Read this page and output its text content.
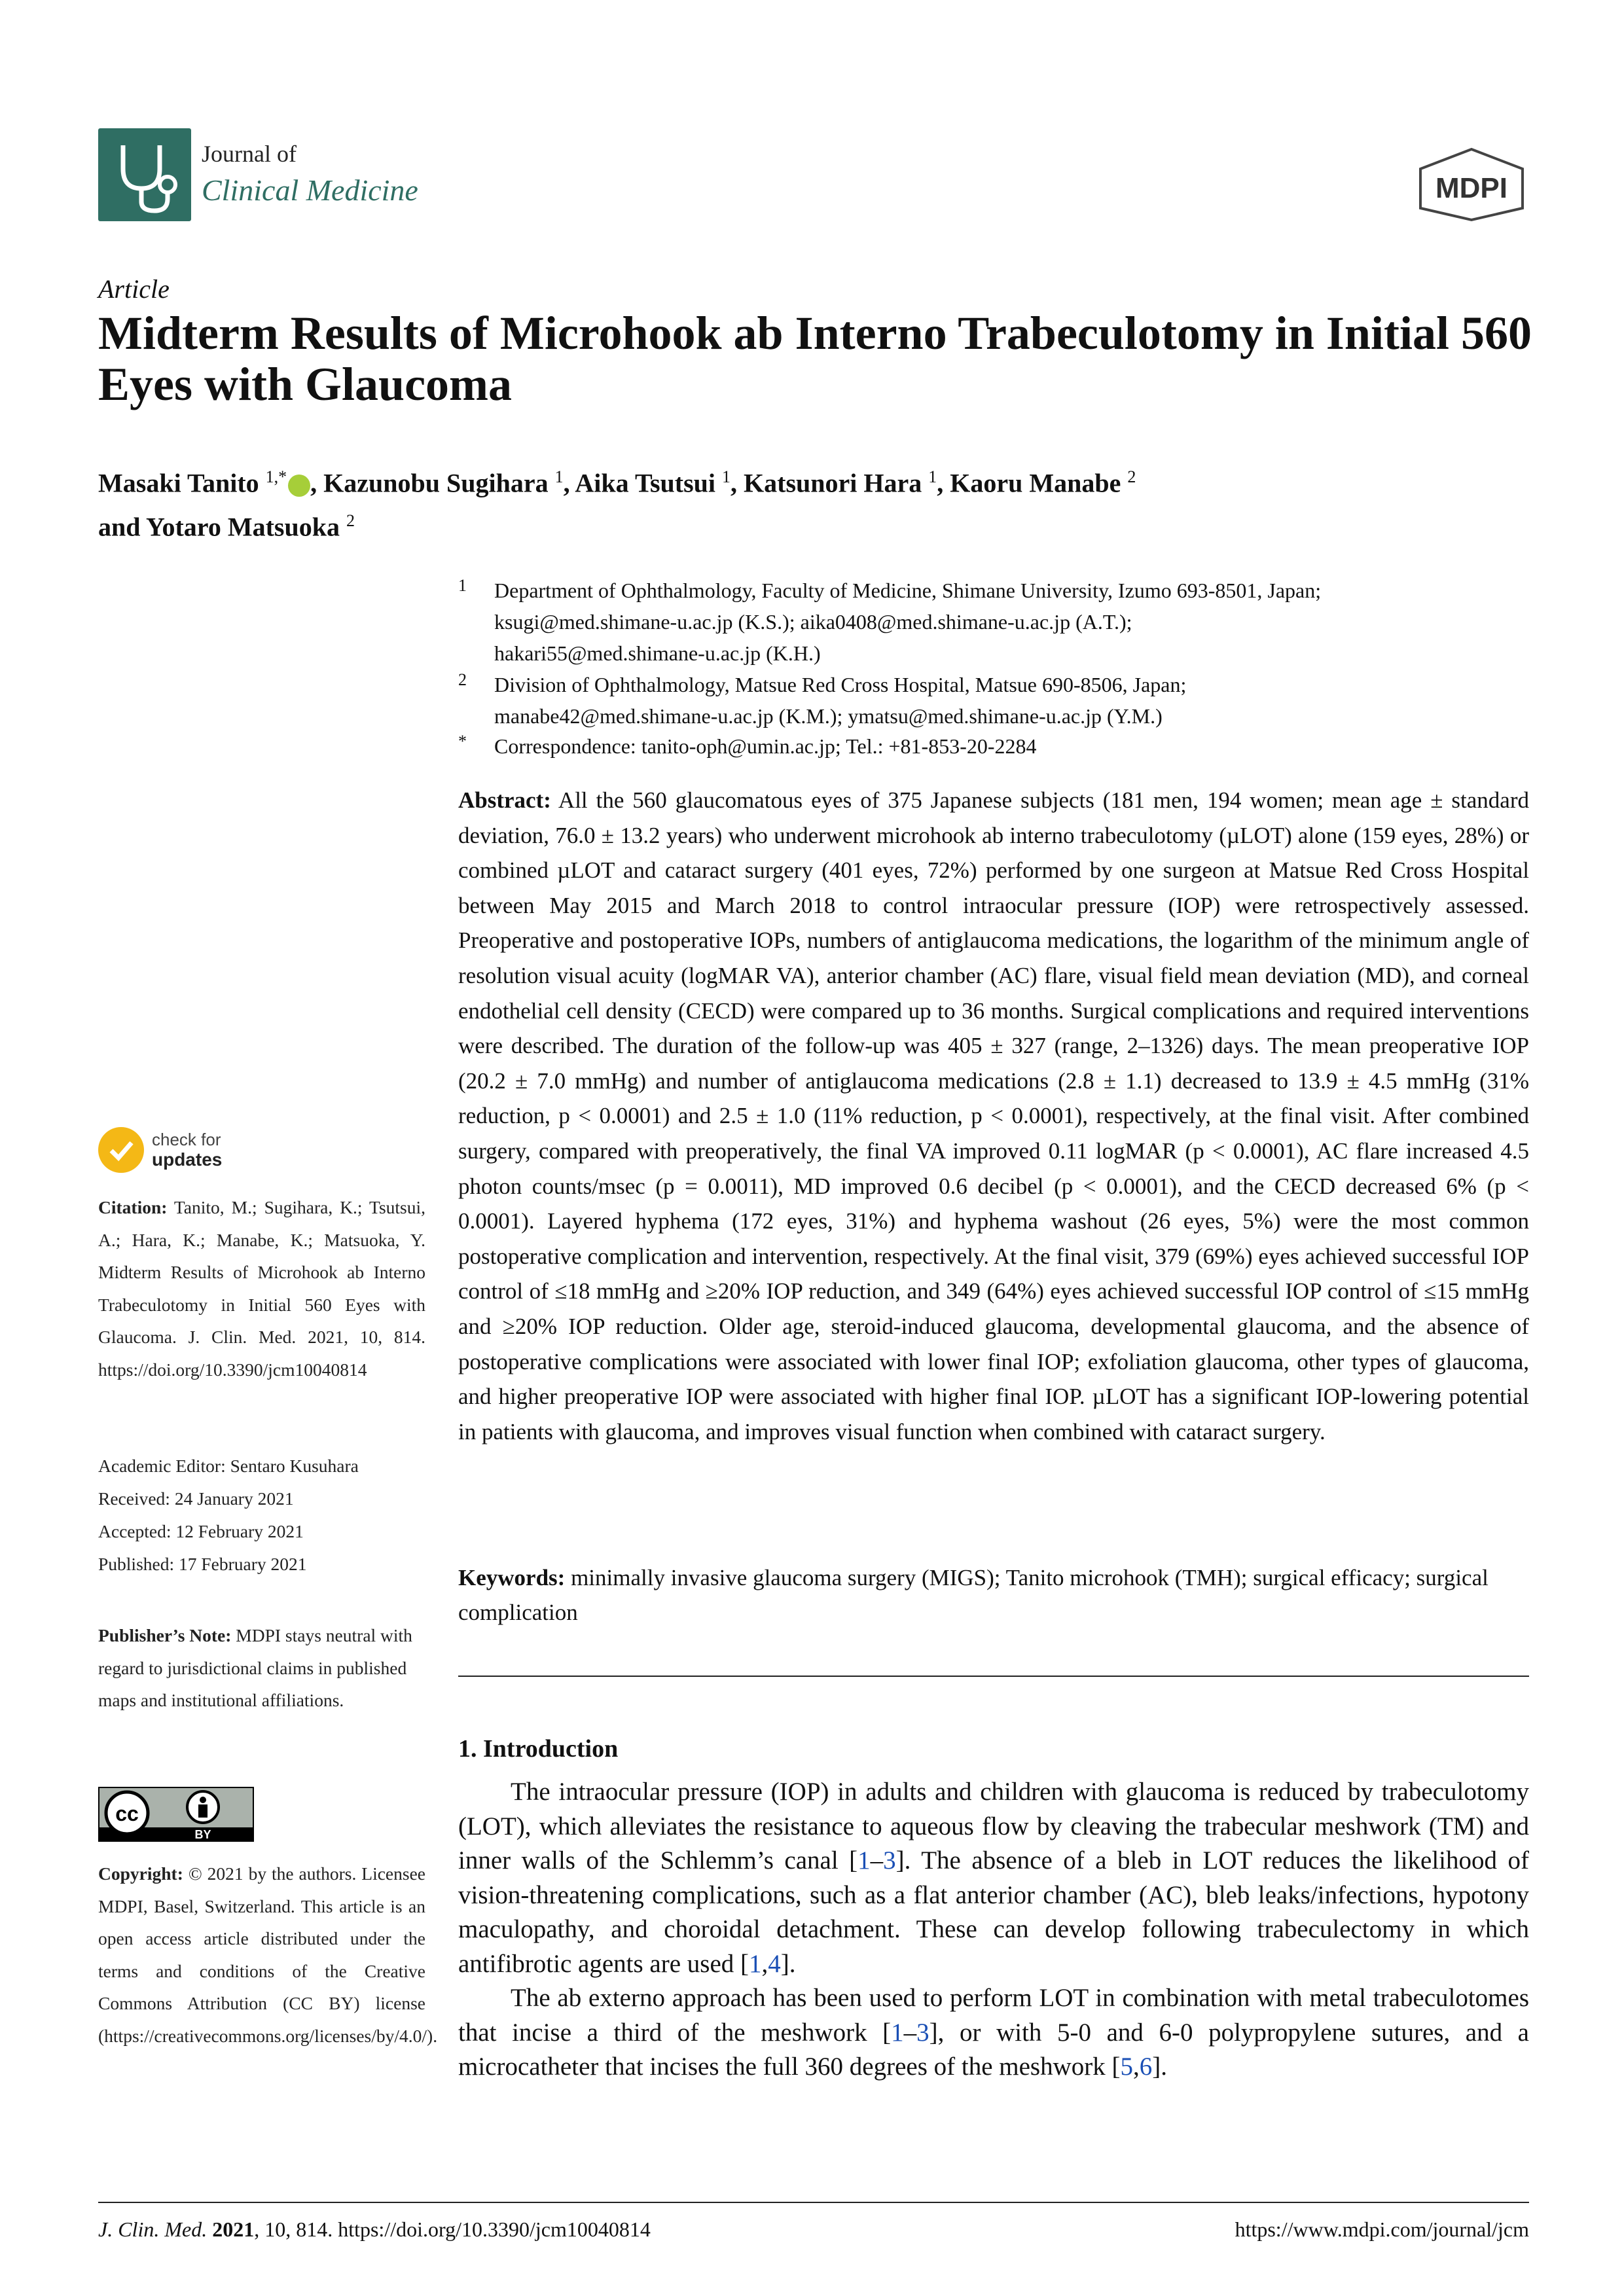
Journal of
Clinical Medicine	MDPI
Article
Midterm Results of Microhook ab Interno Trabeculotomy in Initial 560 Eyes with Glaucoma
Masaki Tanito $^{1,*}$ , Kazunobu Sugihara $^1$, Aika Tsutsui $^1$, Katsunori Hara $^1$, Kaoru Manabe $^2$
and Yotaro Matsuoka $^2$
1 Department of Ophthalmology, Faculty of Medicine, Shimane University, Izumo 693-8501, Japan;
ksugi@med.shimane-u.ac.jp (K.S.); aika0408@med.shimane-u.ac.jp (A.T.);
hakari55@med.shimane-u.ac.jp (K.H.)
2 Division of Ophthalmology, Matsue Red Cross Hospital, Matsue 690-8506, Japan;
manabe42@med.shimane-u.ac.jp (K.M.); ymatsu@med.shimane-u.ac.jp (Y.M.)
* Correspondence: tanito-oph@umin.ac.jp; Tel.: +81-853-20-2284
Abstract: All the 560 glaucomatous eyes of 375 Japanese subjects (181 men, 194 women; mean age ± standard deviation, 76.0 ± 13.2 years) who underwent microhook ab interno trabeculotomy (µLOT) alone (159 eyes, 28%) or combined µLOT and cataract surgery (401 eyes, 72%) performed by one surgeon at Matsue Red Cross Hospital between May 2015 and March 2018 to control intraocular pressure (IOP) were retrospectively assessed. Preoperative and postoperative IOPs, numbers of antiglaucoma medications, the logarithm of the minimum angle of resolution visual acuity (logMAR VA), anterior chamber (AC) flare, visual field mean deviation (MD), and corneal endothelial cell density (CECD) were compared up to 36 months. Surgical complications and required interventions were described. The duration of the follow-up was 405 ± 327 (range, 2–1326) days. The mean preoperative IOP (20.2 ± 7.0 mmHg) and number of antiglaucoma medications (2.8 ± 1.1) decreased to 13.9 ± 4.5 mmHg (31% reduction, p < 0.0001) and 2.5 ± 1.0 (11% reduction, p < 0.0001), respectively, at the final visit. After combined surgery, compared with preoperatively, the final VA improved 0.11 logMAR (p < 0.0001), AC flare increased 4.5 photon counts/msec (p = 0.0011), MD improved 0.6 decibel (p < 0.0001), and the CECD decreased 6% (p < 0.0001). Layered hyphema (172 eyes, 31%) and hyphema washout (26 eyes, 5%) were the most common postoperative complication and intervention, respectively. At the final visit, 379 (69%) eyes achieved successful IOP control of ≤18 mmHg and ≥20% IOP reduction, and 349 (64%) eyes achieved successful IOP control of ≤15 mmHg and ≥20% IOP reduction. Older age, steroid-induced glaucoma, developmental glaucoma, and the absence of postoperative complications were associated with lower final IOP; exfoliation glaucoma, other types of glaucoma, and higher preoperative IOP were associated with higher final IOP. µLOT has a significant IOP-lowering potential in patients with glaucoma, and improves visual function when combined with cataract surgery.
Keywords: minimally invasive glaucoma surgery (MIGS); Tanito microhook (TMH); surgical efficacy; surgical complication
1. Introduction

The intraocular pressure (IOP) in adults and children with glaucoma is reduced by trabeculotomy (LOT), which alleviates the resistance to aqueous flow by cleaving the trabecular meshwork (TM) and inner walls of the Schlemm’s canal [1–3]. The absence of a bleb in LOT reduces the likelihood of vision-threatening complications, such as a flat anterior chamber (AC), bleb leaks/infections, hypotony maculopathy, and choroidal detachment. These can develop following trabeculectomy in which antifibrotic agents are used [1,4].

The ab externo approach has been used to perform LOT in combination with metal trabeculotomes that incise a third of the meshwork [1–3], or with 5-0 and 6-0 polypropylene sutures, and a microcatheter that incises the full 360 degrees of the meshwork [5,6].

check for
updates
Citation: Tanito, M.; Sugihara, K.; Tsutsui, A.; Hara, K.; Manabe, K.; Matsuoka, Y. Midterm Results of Microhook ab Interno Trabeculotomy in Initial 560 Eyes with Glaucoma. J. Clin. Med. 2021, 10, 814. https://doi.org/10.3390/jcm10040814
Academic Editor: Sentaro Kusuhara
Received: 24 January 2021
Accepted: 12 February 2021
Published: 17 February 2021
Publisher’s Note: MDPI stays neutral with regard to jurisdictional claims in published maps and institutional affiliations.
cc
BY
Copyright: © 2021 by the authors. Licensee MDPI, Basel, Switzerland. This article is an open access article distributed under the terms and conditions of the Creative Commons Attribution (CC BY) license (https://creativecommons.org/licenses/by/4.0/).
J. Clin. Med. 2021, 10, 814. https://doi.org/10.3390/jcm10040814	https://www.mdpi.com/journal/jcm
